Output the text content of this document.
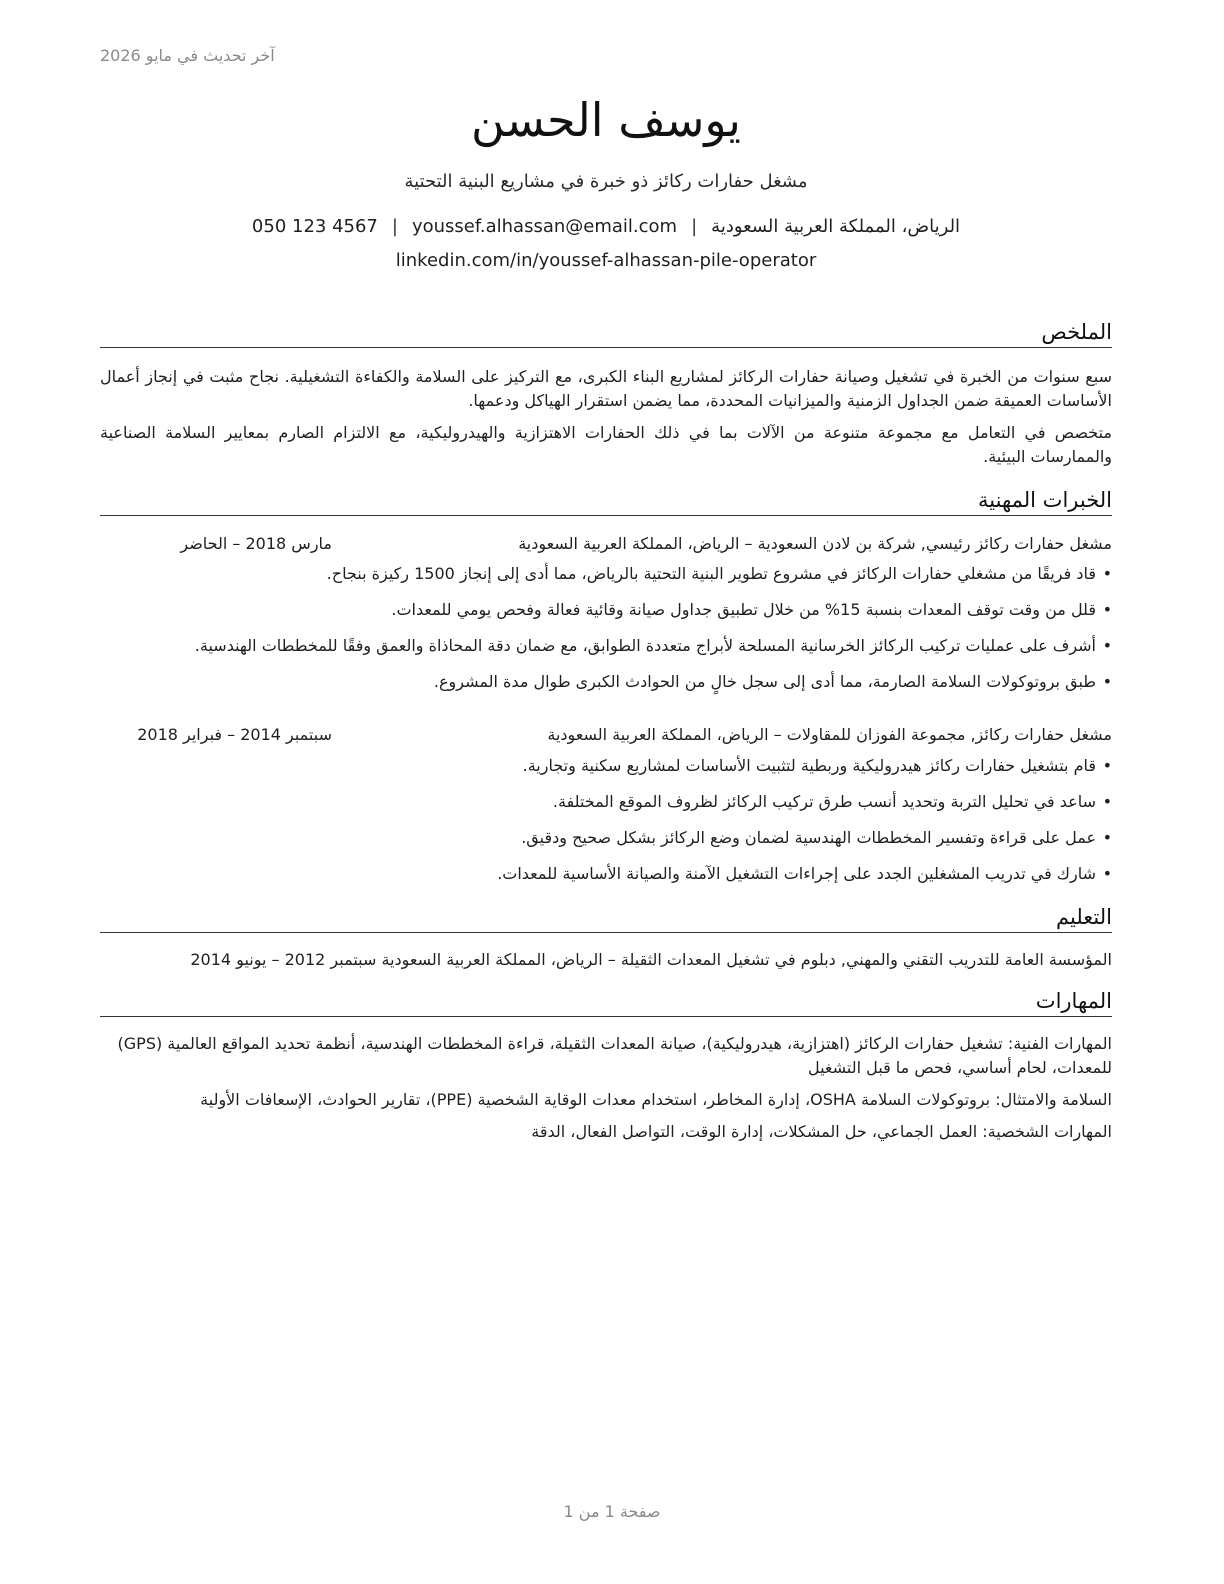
آخر تحديث في مايو 2026
يوسف الحسن
مشغل حفارات ركائز ذو خبرة في مشاريع البنية التحتية
الرياض، المملكة العربية السعودية|youssef.alhassan@email.com|050 123 4567
linkedin.com/in/youssef-alhassan-pile-operator
الملخص

سبع سنوات من الخبرة في تشغيل وصيانة حفارات الركائز لمشاريع البناء الكبرى، مع التركيز على السلامة والكفاءة التشغيلية. نجاح مثبت في إنجاز أعمال الأساسات العميقة ضمن الجداول الزمنية والميزانيات المحددة، مما يضمن استقرار الهياكل ودعمها.

متخصص في التعامل مع مجموعة متنوعة من الآلات بما في ذلك الحفارات الاهتزازية والهيدروليكية، مع الالتزام الصارم بمعايير السلامة الصناعية والممارسات البيئية.

الخبرات المهنية
مشغل حفارات ركائز رئيسي, شركة بن لادن السعودية – الرياض، المملكة العربية السعودية
مارس 2018 – الحاضر
• قاد فريقًا من مشغلي حفارات الركائز في مشروع تطوير البنية التحتية بالرياض، مما أدى إلى إنجاز 1500 ركيزة بنجاح.
• قلل من وقت توقف المعدات بنسبة 15% من خلال تطبيق جداول صيانة وقائية فعالة وفحص يومي للمعدات.
• أشرف على عمليات تركيب الركائز الخرسانية المسلحة لأبراج متعددة الطوابق، مع ضمان دقة المحاذاة والعمق وفقًا للمخططات الهندسية.
• طبق بروتوكولات السلامة الصارمة، مما أدى إلى سجل خالٍ من الحوادث الكبرى طوال مدة المشروع.
مشغل حفارات ركائز, مجموعة الفوزان للمقاولات – الرياض، المملكة العربية السعودية
سبتمبر 2014 – فبراير 2018
• قام بتشغيل حفارات ركائز هيدروليكية وربطية لتثبيت الأساسات لمشاريع سكنية وتجارية.
• ساعد في تحليل التربة وتحديد أنسب طرق تركيب الركائز لظروف الموقع المختلفة.
• عمل على قراءة وتفسير المخططات الهندسية لضمان وضع الركائز بشكل صحيح ودقيق.
• شارك في تدريب المشغلين الجدد على إجراءات التشغيل الآمنة والصيانة الأساسية للمعدات.
التعليم

المؤسسة العامة للتدريب التقني والمهني, دبلوم في تشغيل المعدات الثقيلة – الرياض، المملكة العربية السعودية سبتمبر 2012 – يونيو 2014

المهارات

المهارات الفنية: تشغيل حفارات الركائز (اهتزازية، هيدروليكية)، صيانة المعدات الثقيلة، قراءة المخططات الهندسية، أنظمة تحديد المواقع العالمية (GPS) للمعدات، لحام أساسي، فحص ما قبل التشغيل

السلامة والامتثال: بروتوكولات السلامة OSHA، إدارة المخاطر، استخدام معدات الوقاية الشخصية (PPE)، تقارير الحوادث، الإسعافات الأولية

المهارات الشخصية: العمل الجماعي، حل المشكلات، إدارة الوقت، التواصل الفعال، الدقة

صفحة 1 من 1
